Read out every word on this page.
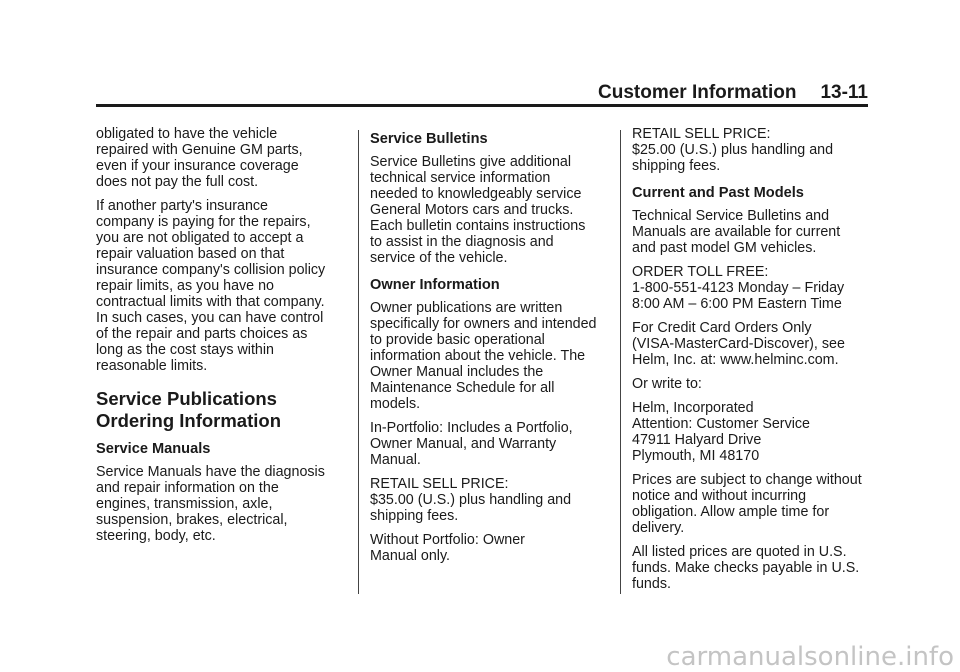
Customer Information 13-11

obligated to have the vehicle
repaired with Genuine GM parts,
even if your insurance coverage
does not pay the full cost.

If another party's insurance
company is paying for the repairs,
you are not obligated to accept a
repair valuation based on that
insurance company's collision policy
repair limits, as you have no
contractual limits with that company.
In such cases, you can have control
of the repair and parts choices as
long as the cost stays within
reasonable limits.

Service Publications
Ordering Information
Service Manuals

Service Manuals have the diagnosis
and repair information on the
engines, transmission, axle,
suspension, brakes, electrical,
steering, body, etc.

Service Bulletins

Service Bulletins give additional
technical service information
needed to knowledgeably service
General Motors cars and trucks.
Each bulletin contains instructions
to assist in the diagnosis and
service of the vehicle.

Owner Information

Owner publications are written
specifically for owners and intended
to provide basic operational
information about the vehicle. The
Owner Manual includes the
Maintenance Schedule for all
models.

In-Portfolio: Includes a Portfolio,
Owner Manual, and Warranty
Manual.

RETAIL SELL PRICE:
$35.00 (U.S.) plus handling and
shipping fees.

Without Portfolio: Owner
Manual only.

RETAIL SELL PRICE:
$25.00 (U.S.) plus handling and
shipping fees.

Current and Past Models

Technical Service Bulletins and
Manuals are available for current
and past model GM vehicles.

ORDER TOLL FREE:
1-800-551-4123 Monday – Friday
8:00 AM – 6:00 PM Eastern Time

For Credit Card Orders Only
(VISA-MasterCard-Discover), see
Helm, Inc. at: www.helminc.com.

Or write to:

Helm, Incorporated
Attention: Customer Service
47911 Halyard Drive
Plymouth, MI 48170

Prices are subject to change without
notice and without incurring
obligation. Allow ample time for
delivery.

All listed prices are quoted in U.S.
funds. Make checks payable in U.S.
funds.

carmanualsonline.info
